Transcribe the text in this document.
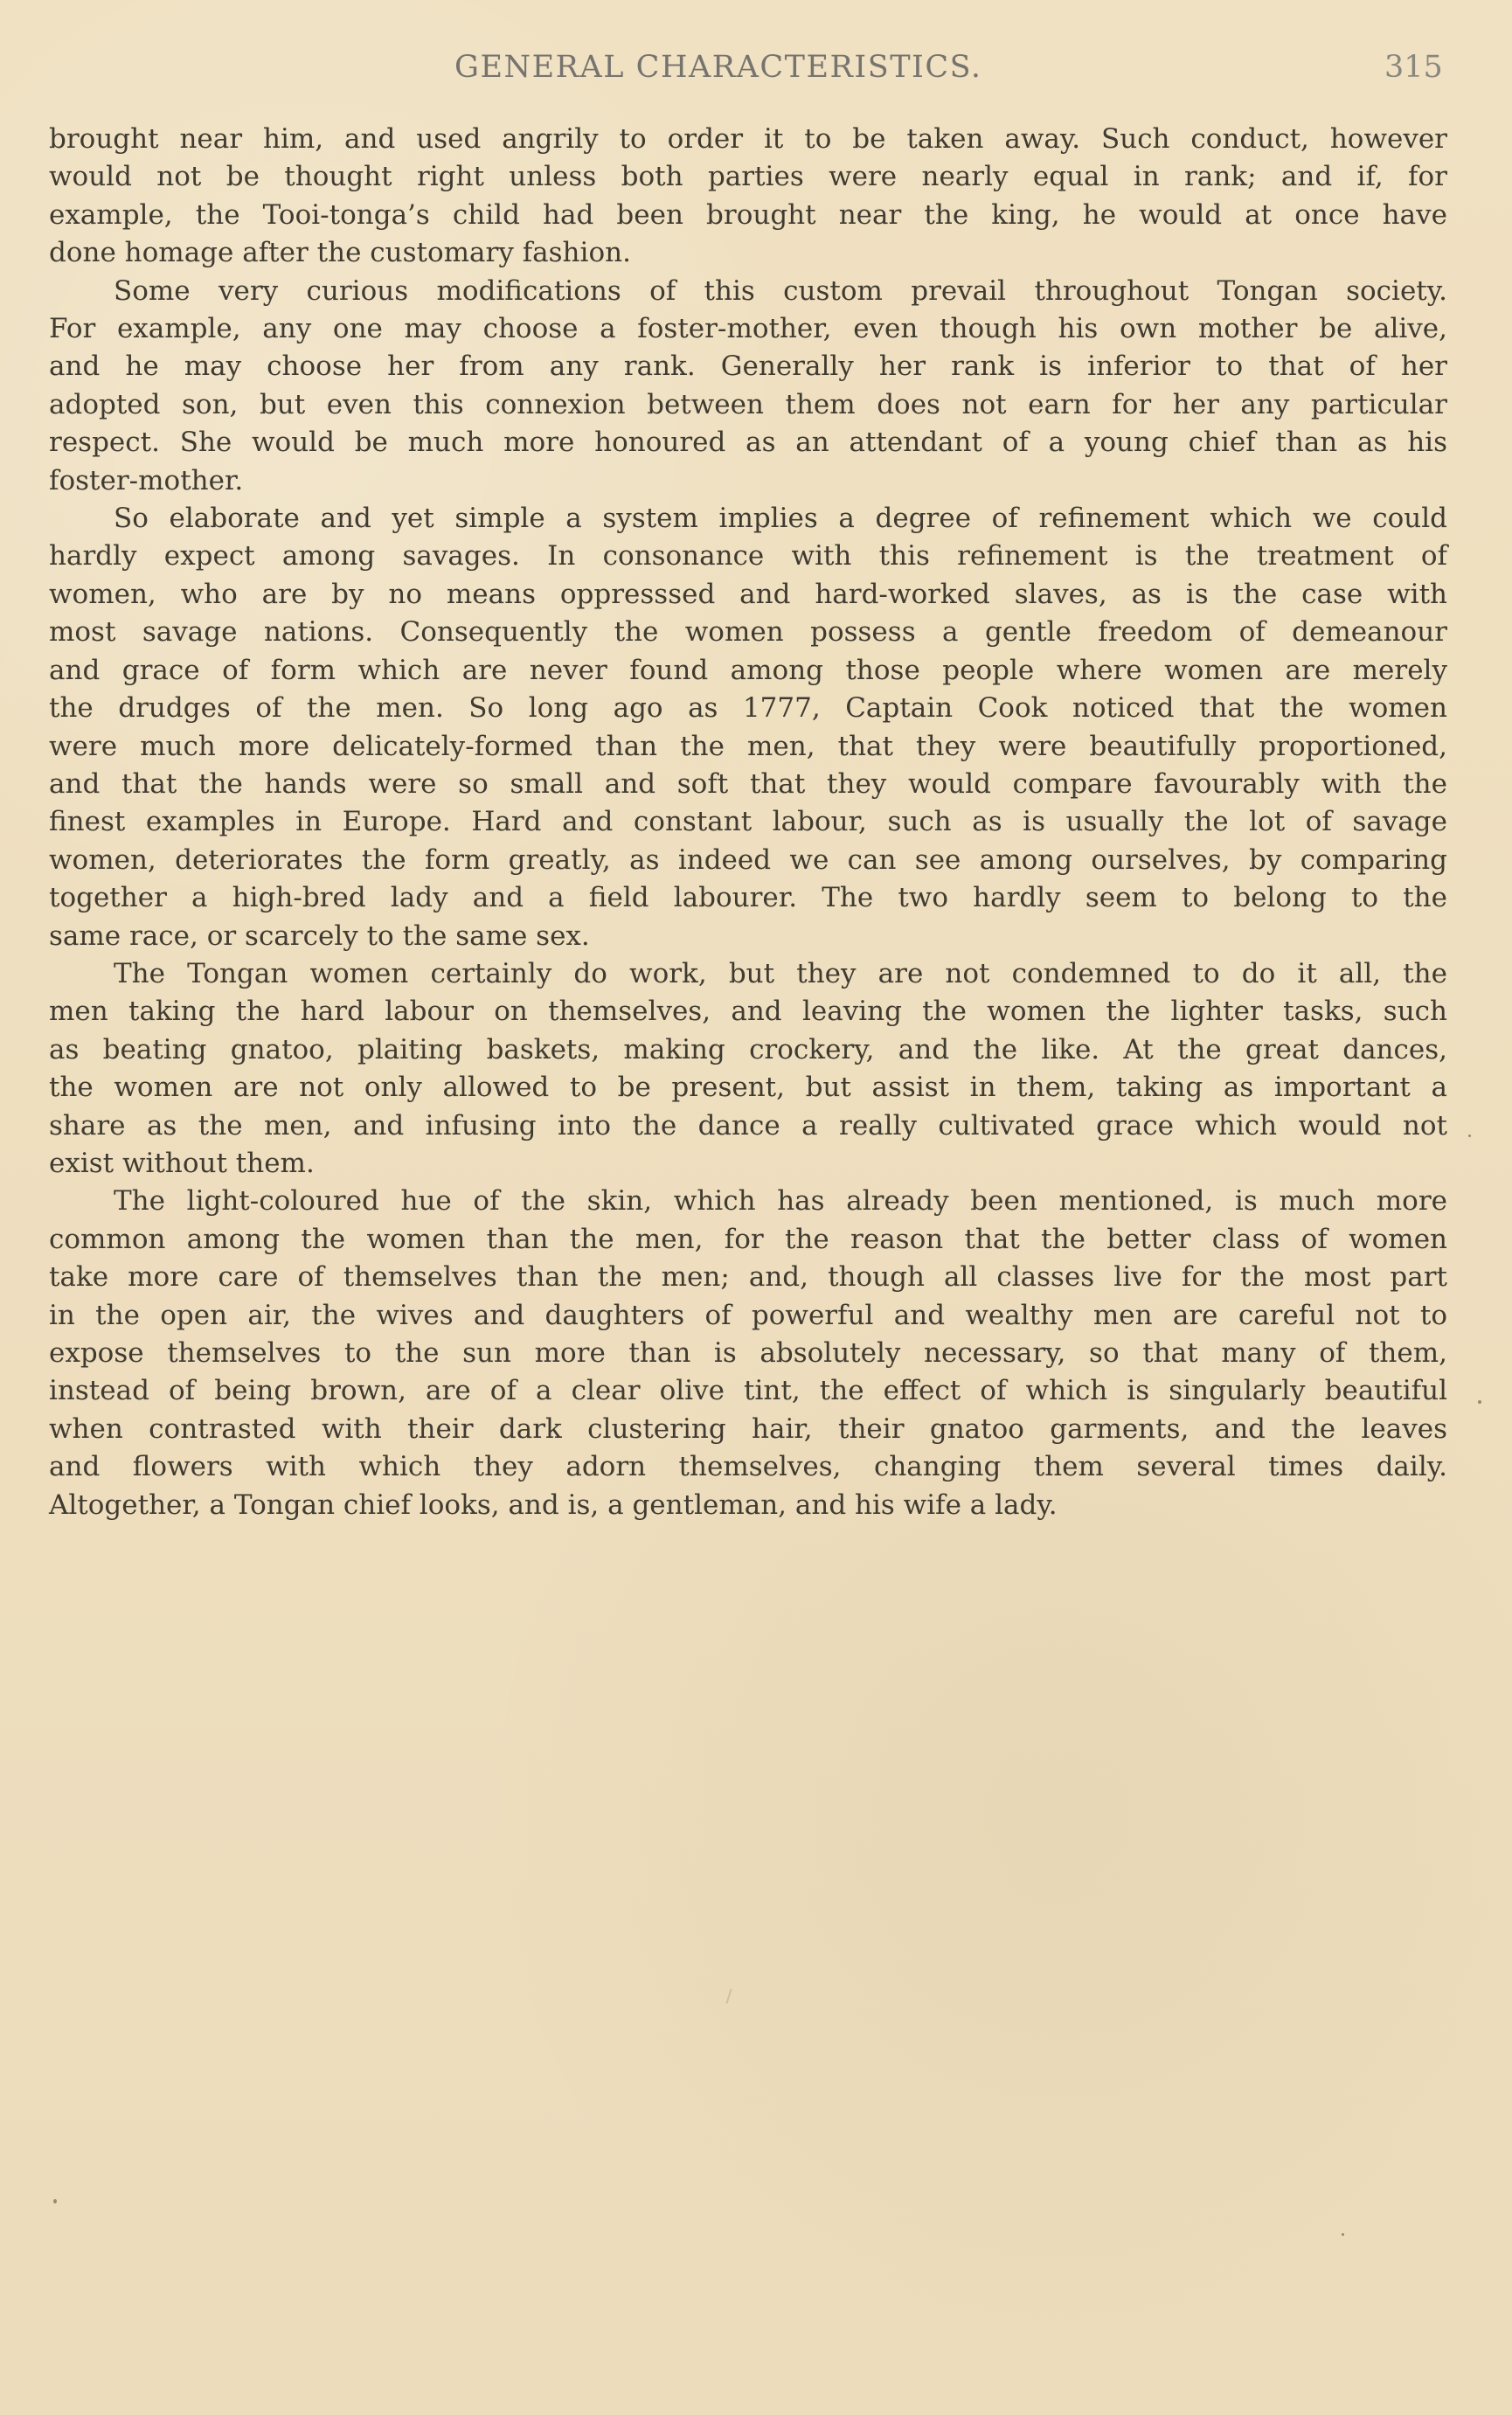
GENERAL CHARACTERISTICS.	315
brought near him, and used angrily to order it to be taken away. Such conduct, however
would not be thought right unless both parties were nearly equal in rank; and if, for
example, the Tooi-tonga’s child had been brought near the king, he would at once have
done homage after the customary fashion.
Some very curious modifications of this custom prevail throughout Tongan society.
For example, any one may choose a foster-mother, even though his own mother be alive,
and he may choose her from any rank. Generally her rank is inferior to that of her
adopted son, but even this connexion between them does not earn for her any particular
respect. She would be much more honoured as an attendant of a young chief than as his
foster-mother.
So elaborate and yet simple a system implies a degree of refinement which we could
hardly expect among savages. In consonance with this refinement is the treatment of
women, who are by no means oppresssed and hard-worked slaves, as is the case with
most savage nations. Consequently the women possess a gentle freedom of demeanour
and grace of form which are never found among those people where women are merely
the drudges of the men. So long ago as 1777, Captain Cook noticed that the women
were much more delicately-formed than the men, that they were beautifully proportioned,
and that the hands were so small and soft that they would compare favourably with the
finest examples in Europe. Hard and constant labour, such as is usually the lot of savage
women, deteriorates the form greatly, as indeed we can see among ourselves, by comparing
together a high-bred lady and a field labourer. The two hardly seem to belong to the
same race, or scarcely to the same sex.
The Tongan women certainly do work, but they are not condemned to do it all, the
men taking the hard labour on themselves, and leaving the women the lighter tasks, such
as beating gnatoo, plaiting baskets, making crockery, and the like. At the great dances,
the women are not only allowed to be present, but assist in them, taking as important a
share as the men, and infusing into the dance a really cultivated grace which would not
exist without them.
The light-coloured hue of the skin, which has already been mentioned, is much more
common among the women than the men, for the reason that the better class of women
take more care of themselves than the men; and, though all classes live for the most part
in the open air, the wives and daughters of powerful and wealthy men are careful not to
expose themselves to the sun more than is absolutely necessary, so that many of them,
instead of being brown, are of a clear olive tint, the effect of which is singularly beautiful
when contrasted with their dark clustering hair, their gnatoo garments, and the leaves
and flowers with which they adorn themselves, changing them several times daily.
Altogether, a Tongan chief looks, and is, a gentleman, and his wife a lady.
